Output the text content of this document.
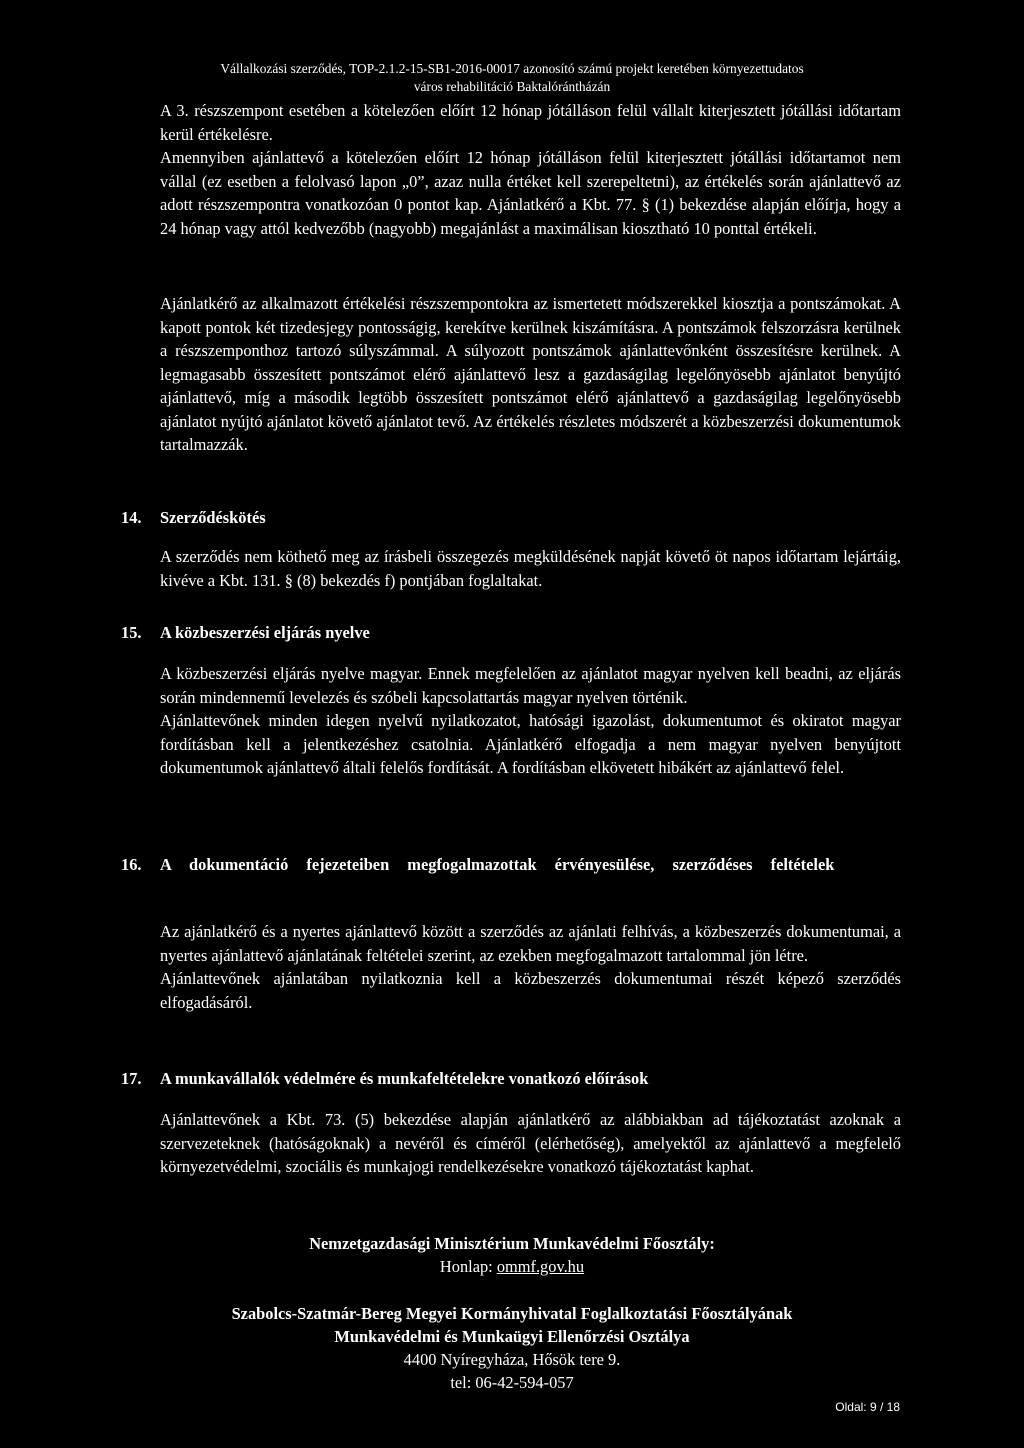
Vállalkozási szerződés, TOP-2.1.2-15-SB1-2016-00017 azonosító számú projekt keretében környezettudatos
város rehabilitáció Baktalórántházán

A 3. részszempont esetében a kötelezően előírt 12 hónap jótálláson felül vállalt kiterjesztett jótállási időtartam kerül értékelésre.

Amennyiben ajánlattevő a kötelezően előírt 12 hónap jótálláson felül kiterjesztett jótállási időtartamot nem vállal (ez esetben a felolvasó lapon „0”, azaz nulla értéket kell szerepeltetni), az értékelés során ajánlattevő az adott részszempontra vonatkozóan 0 pontot kap. Ajánlatkérő a Kbt. 77. § (1) bekezdése alapján előírja, hogy a 24 hónap vagy attól kedvezőbb (nagyobb) megajánlást a maximálisan kiosztható 10 ponttal értékeli.

Ajánlatkérő az alkalmazott értékelési részszempontokra az ismertetett módszerekkel kiosztja a pontszámokat. A kapott pontok két tizedesjegy pontosságig, kerekítve kerülnek kiszámításra. A pontszámok felszorzásra kerülnek a részszemponthoz tartozó súlyszámmal. A súlyozott pontszámok ajánlattevőnként összesítésre kerülnek. A legmagasabb összesített pontszámot elérő ajánlattevő lesz a gazdaságilag legelőnyösebb ajánlatot benyújtó ajánlattevő, míg a második legtöbb összesített pontszámot elérő ajánlattevő a gazdaságilag legelőnyösebb ajánlatot nyújtó ajánlatot követő ajánlatot tevő. Az értékelés részletes módszerét a közbeszerzési dokumentumok tartalmazzák.

14. Szerződéskötés

A szerződés nem köthető meg az írásbeli összegezés megküldésének napját követő öt napos időtartam lejártáig, kivéve a Kbt. 131. § (8) bekezdés f) pontjában foglaltakat.

15. A közbeszerzési eljárás nyelve

A közbeszerzési eljárás nyelve magyar. Ennek megfelelően az ajánlatot magyar nyelven kell beadni, az eljárás során mindennemű levelezés és szóbeli kapcsolattartás magyar nyelven történik.

Ajánlattevőnek minden idegen nyelvű nyilatkozatot, hatósági igazolást, dokumentumot és okiratot magyar fordításban kell a jelentkezéshez csatolnia. Ajánlatkérő elfogadja a nem magyar nyelven benyújtott dokumentumok ajánlattevő általi felelős fordítását. A fordításban elkövetett hibákért az ajánlattevő felel.

16. A dokumentáció fejezeteiben megfogalmazottak érvényesülése, szerződéses feltételek

Az ajánlatkérő és a nyertes ajánlattevő között a szerződés az ajánlati felhívás, a közbeszerzés dokumentumai, a nyertes ajánlattevő ajánlatának feltételei szerint, az ezekben megfogalmazott tartalommal jön létre.

Ajánlattevőnek ajánlatában nyilatkoznia kell a közbeszerzés dokumentumai részét képező szerződés elfogadásáról.

17. A munkavállalók védelmére és munkafeltételekre vonatkozó előírások

Ajánlattevőnek a Kbt. 73. (5) bekezdése alapján ajánlatkérő az alábbiakban ad tájékoztatást azoknak a szervezeteknek (hatóságoknak) a nevéről és címéről (elérhetőség), amelyektől az ajánlattevő a megfelelő környezetvédelmi, szociális és munkajogi rendelkezésekre vonatkozó tájékoztatást kaphat.

Nemzetgazdasági Minisztérium Munkavédelmi Főosztály:
Honlap: ommf.gov.hu
Szabolcs-Szatmár-Bereg Megyei Kormányhivatal Foglalkoztatási Főosztályának
Munkavédelmi és Munkaügyi Ellenőrzési Osztálya
4400 Nyíregyháza, Hősök tere 9.
tel: 06-42-594-057
Oldal: 9 / 18
